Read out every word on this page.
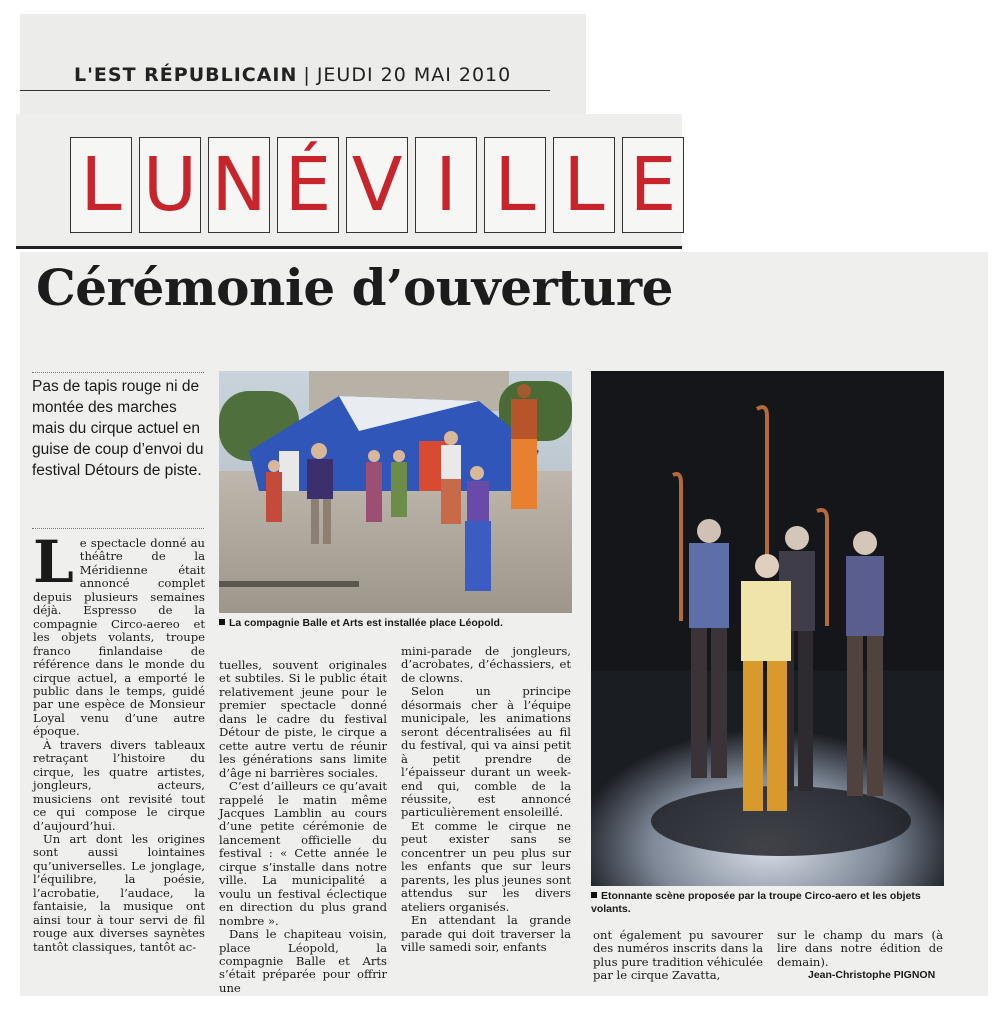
L'EST RÉPUBLICAIN | JEUDI 20 MAI 2010
L U N É V I L L E
Cérémonie d’ouverture
Pas de tapis rouge ni de montée des marches mais du cirque actuel en guise de coup d’envoi du festival Détours de piste.

Le spectacle donné au théâtre de la Méridienne était annoncé complet depuis plusieurs semaines déjà. Espresso de la compagnie Circo-aereo et les objets volants, troupe franco finlandaise de référence dans le monde du cirque actuel, a emporté le public dans le temps, guidé par une espèce de Monsieur Loyal venu d’une autre époque.

À travers divers tableaux retraçant l’histoire du cirque, les quatre artistes, jongleurs, acteurs, musiciens ont revisité tout ce qui compose le cirque d’aujourd’hui.

Un art dont les origines sont aussi lointaines qu’universelles. Le jonglage, l’équilibre, la poésie, l’acrobatie, l’audace, la fantaisie, la musique ont ainsi tour à tour servi de fil rouge aux diverses saynètes tantôt classiques, tantôt ac-

tuelles, souvent originales et subtiles. Si le public était relativement jeune pour le premier spectacle donné dans le cadre du festival Détour de piste, le cirque a cette autre vertu de réunir les générations sans limite d’âge ni barrières sociales.

C’est d’ailleurs ce qu’avait rappelé le matin même Jacques Lamblin au cours d’une petite cérémonie de lancement officielle du festival : « Cette année le cirque s’installe dans notre ville. La municipalité a voulu un festival éclectique en direction du plus grand nombre ».

Dans le chapiteau voisin, place Léopold, la compagnie Balle et Arts s’était préparée pour offrir une

mini-parade de jongleurs, d’acrobates, d’échassiers, et de clowns.

Selon un principe désormais cher à l’équipe municipale, les animations seront décentralisées au fil du festival, qui va ainsi petit à petit prendre de l’épaisseur durant un week-end qui, comble de la réussite, est annoncé particulièrement ensoleillé.

Et comme le cirque ne peut exister sans se concentrer un peu plus sur les enfants que sur leurs parents, les plus jeunes sont attendus sur les divers ateliers organisés.

En attendant la grande parade qui doit traverser la ville samedi soir, enfants

ont également pu savourer des numéros inscrits dans la plus pure tradition véhiculée par le cirque Zavatta,

sur le champ du mars (à lire dans notre édition de demain).

Jean-Christophe PIGNON
La compagnie Balle et Arts est installée place Léopold.
Etonnante scène proposée par la troupe Circo-aero et les objets volants.
